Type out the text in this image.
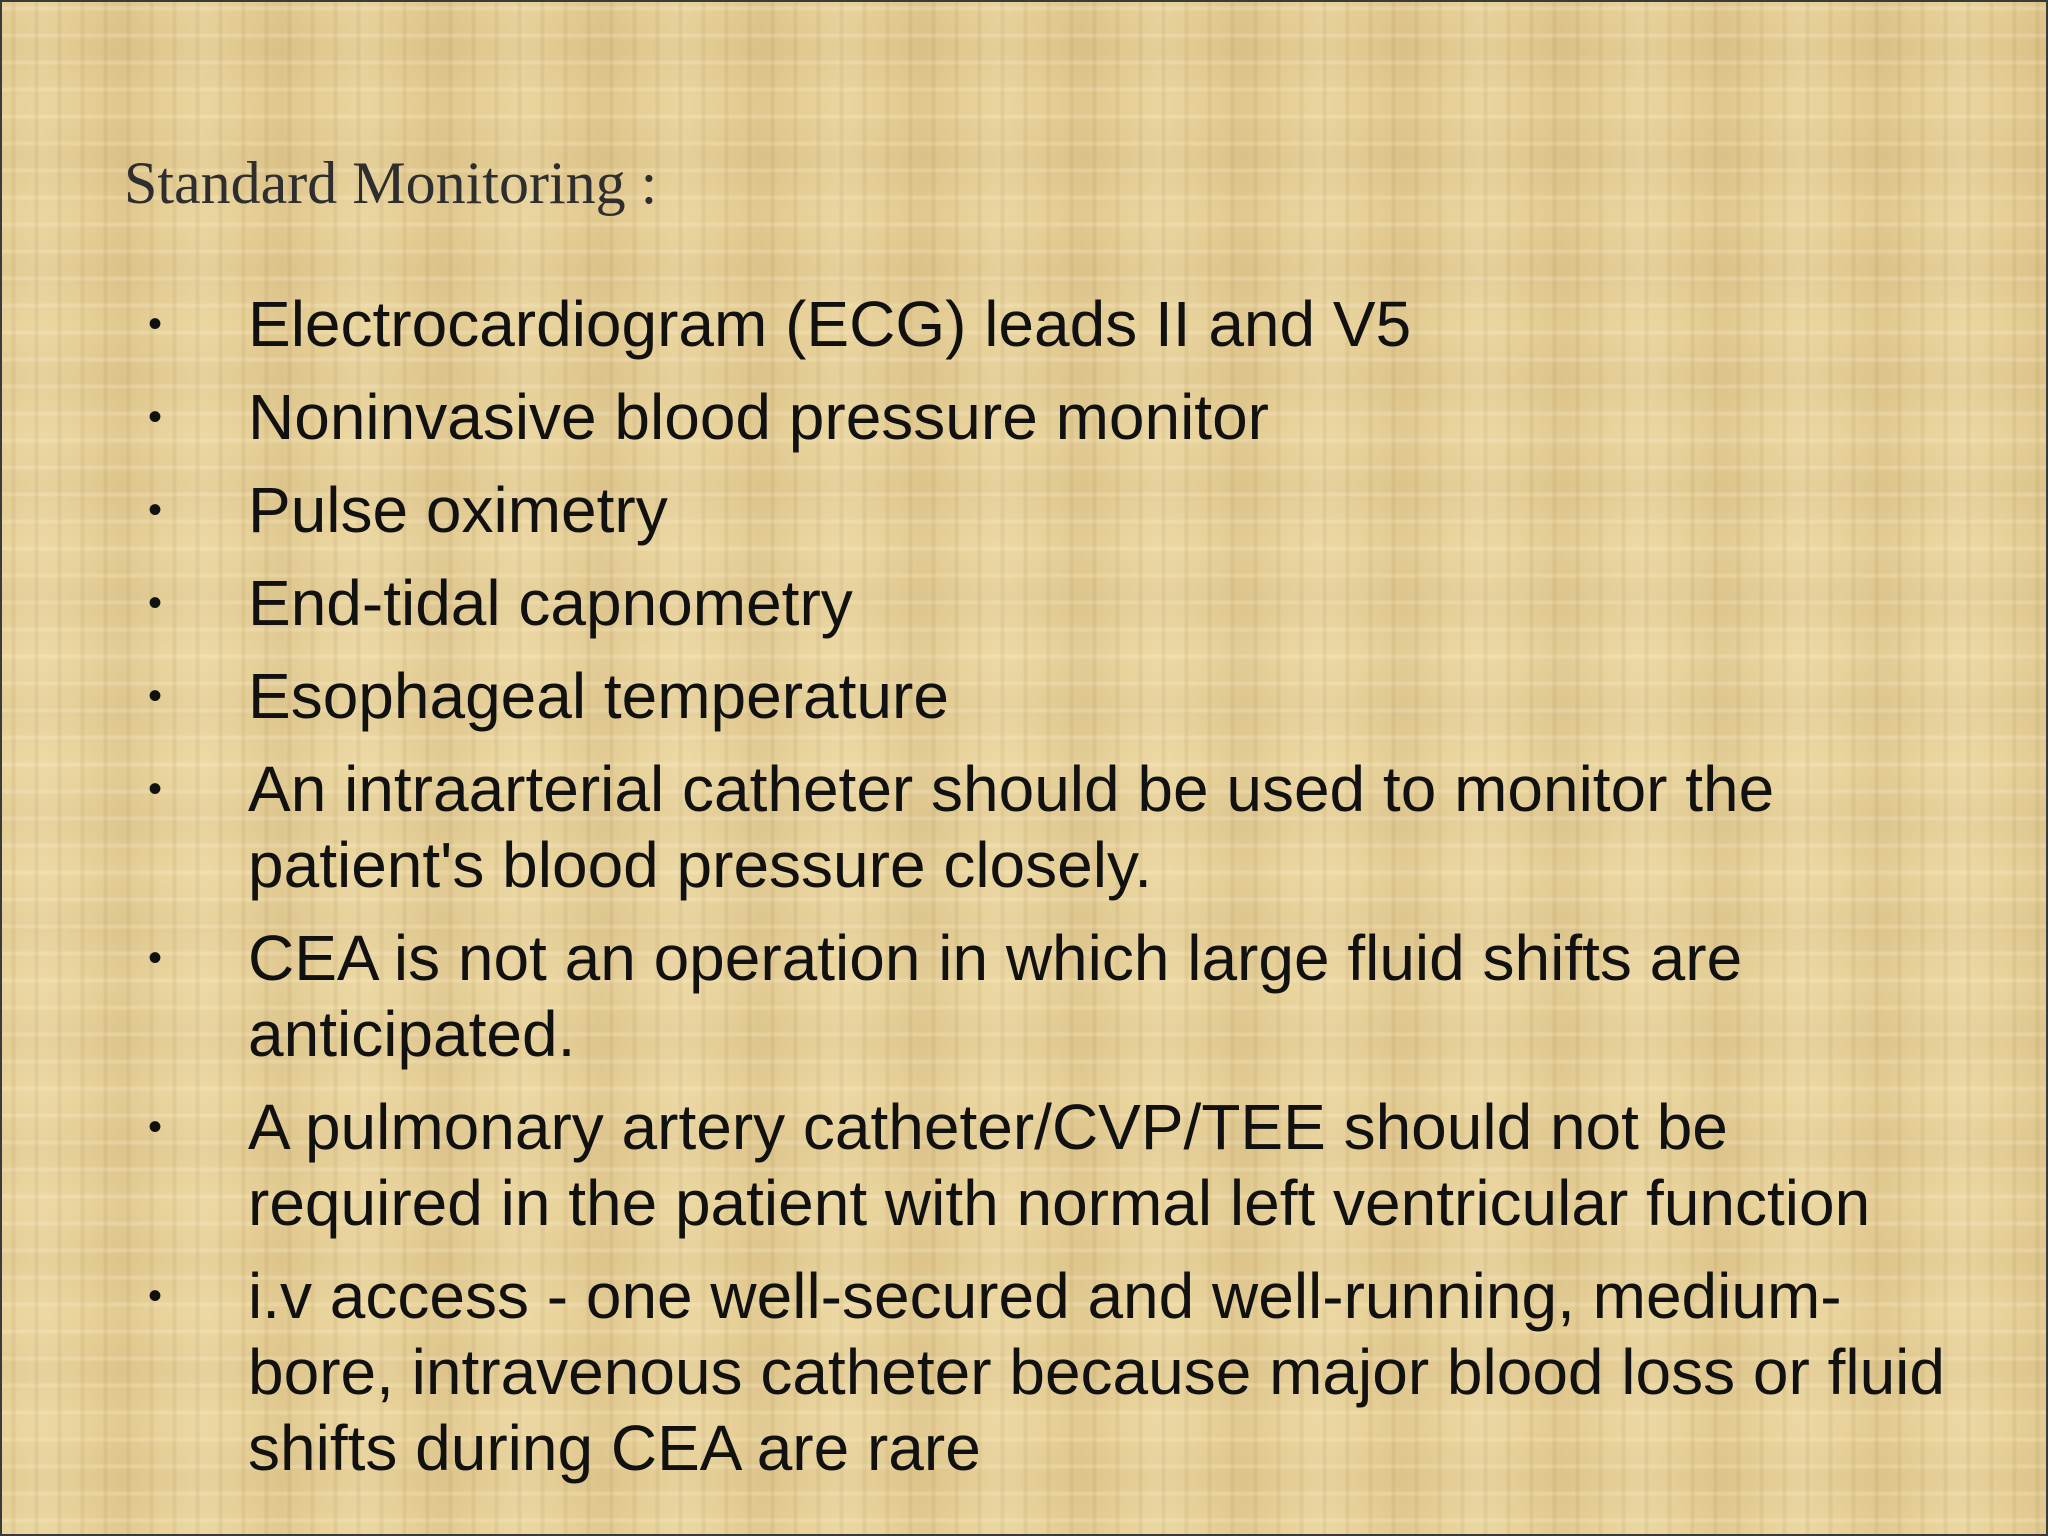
Standard Monitoring :
•	Electrocardiogram (ECG) leads II and V5
•	Noninvasive blood pressure monitor
•	Pulse oximetry
•	End-tidal capnometry
•	Esophageal temperature
•	An intraarterial catheter should be used to monitor the patient's blood pressure closely.
•	CEA is not an operation in which large fluid shifts are anticipated.
•	A pulmonary artery catheter/CVP/TEE should not be required in the patient with normal left ventricular function
•	i.v access - one well-secured and well-running, medium-bore, intravenous catheter because major blood loss or fluid shifts during CEA are rare
